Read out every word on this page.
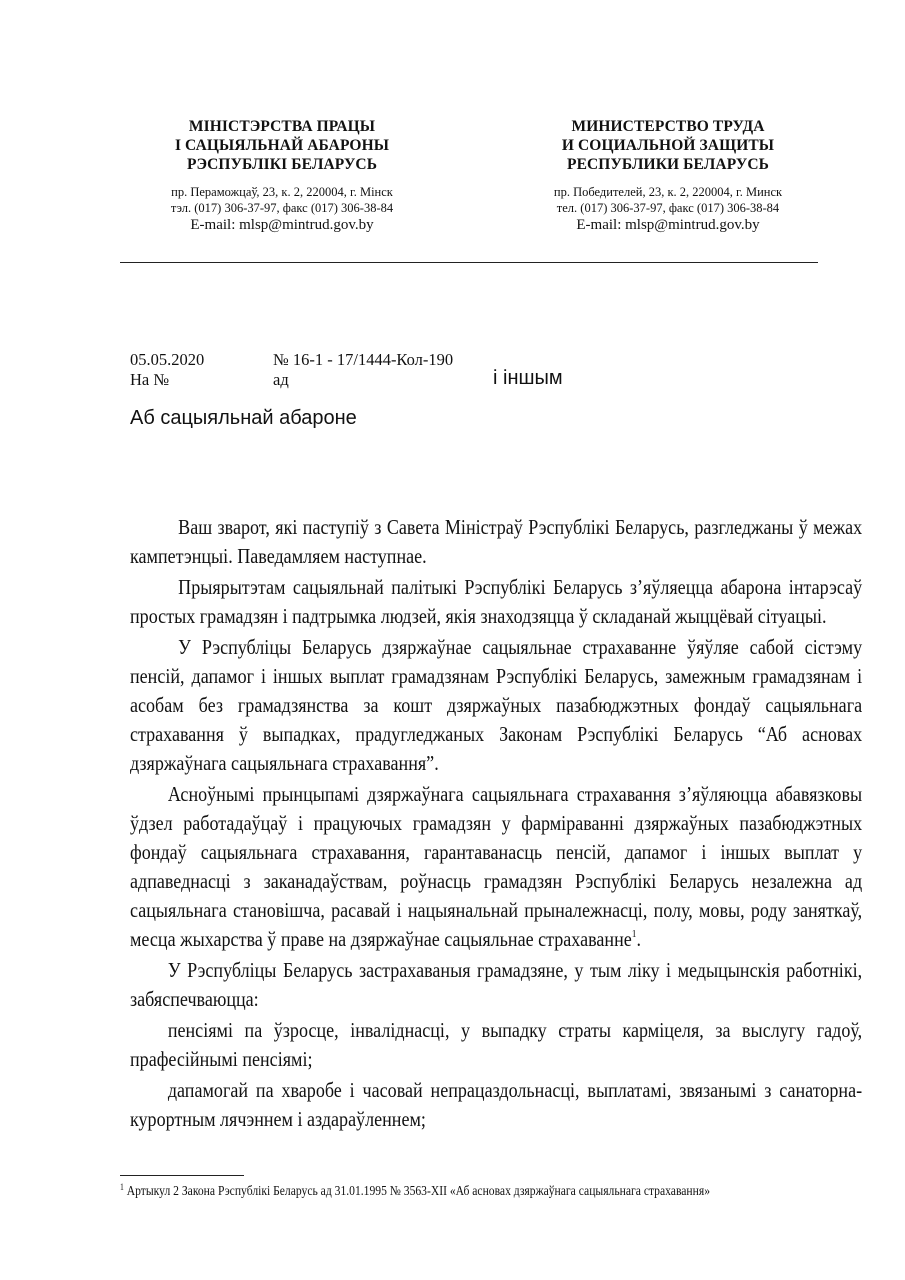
МІНІСТЭРСТВА ПРАЦЫ
І САЦЫЯЛЬНАЙ АБАРОНЫ
РЭСПУБЛІКІ БЕЛАРУСЬ
пр. Пераможцаў, 23, к. 2, 220004, г. Мінск
тэл. (017) 306-37-97, факс (017) 306-38-84
E-mail: mlsp@mintrud.gov.by
МИНИСТЕРСТВО ТРУДА
И СОЦИАЛЬНОЙ ЗАЩИТЫ
РЕСПУБЛИКИ БЕЛАРУСЬ
пр. Победителей, 23, к. 2, 220004, г. Минск
тел. (017) 306-37-97, факс (017) 306-38-84
E-mail: mlsp@mintrud.gov.by
05.05.2020	№ 16-1 - 17/1444-Кол-190
На №	ад	і іншым
Аб сацыяльнай абароне

Ваш зварот, які паступіў з Савета Міністраў Рэспублікі Беларусь, разгледжаны ў межах кампетэнцыі. Паведамляем наступнае.

Прыярытэтам сацыяльнай палітыкі Рэспублікі Беларусь з’яўляецца абарона інтарэсаў простых грамадзян і падтрымка людзей, якія знаходзяцца ў складанай жыццёвай сітуацыі.

У Рэспубліцы Беларусь дзяржаўнае сацыяльнае страхаванне ўяўляе сабой сістэму пенсій, дапамог і іншых выплат грамадзянам Рэспублікі Беларусь, замежным грамадзянам і асобам без грамадзянства за кошт дзяржаўных пазабюджэтных фондаў сацыяльнага страхавання ў выпадках, прадугледжаных Законам Рэспублікі Беларусь “Аб асновах дзяржаўнага сацыяльнага страхавання”.

Асноўнымі прынцыпамі дзяржаўнага сацыяльнага страхавання з’яўляюцца абавязковы ўдзел работадаўцаў і працуючых грамадзян у фарміраванні дзяржаўных пазабюджэтных фондаў сацыяльнага страхавання, гарантаванасць пенсій, дапамог і іншых выплат у адпаведнасці з заканадаўствам, роўнасць грамадзян Рэспублікі Беларусь незалежна ад сацыяльнага становішча, расавай і нацыянальнай прыналежнасці, полу, мовы, роду заняткаў, месца жыхарства ў праве на дзяржаўнае сацыяльнае страхаванне$^1$.

У Рэспубліцы Беларусь застрахаваныя грамадзяне, у тым ліку і медыцынскія работнікі, забяспечваюцца:

пенсіямі па ўзросце, інваліднасці, у выпадку страты карміцеля, за выслугу гадоў, прафесійнымі пенсіямі;

дапамогай па хваробе і часовай непрацаздольнасці, выплатамі, звязанымі з санаторна-курортным лячэннем і аздараўленнем;

$^1$ Артыкул 2 Закона Рэспублікі Беларусь ад 31.01.1995 № 3563-XII «Аб асновах дзяржаўнага сацыяльнага страхавання»
